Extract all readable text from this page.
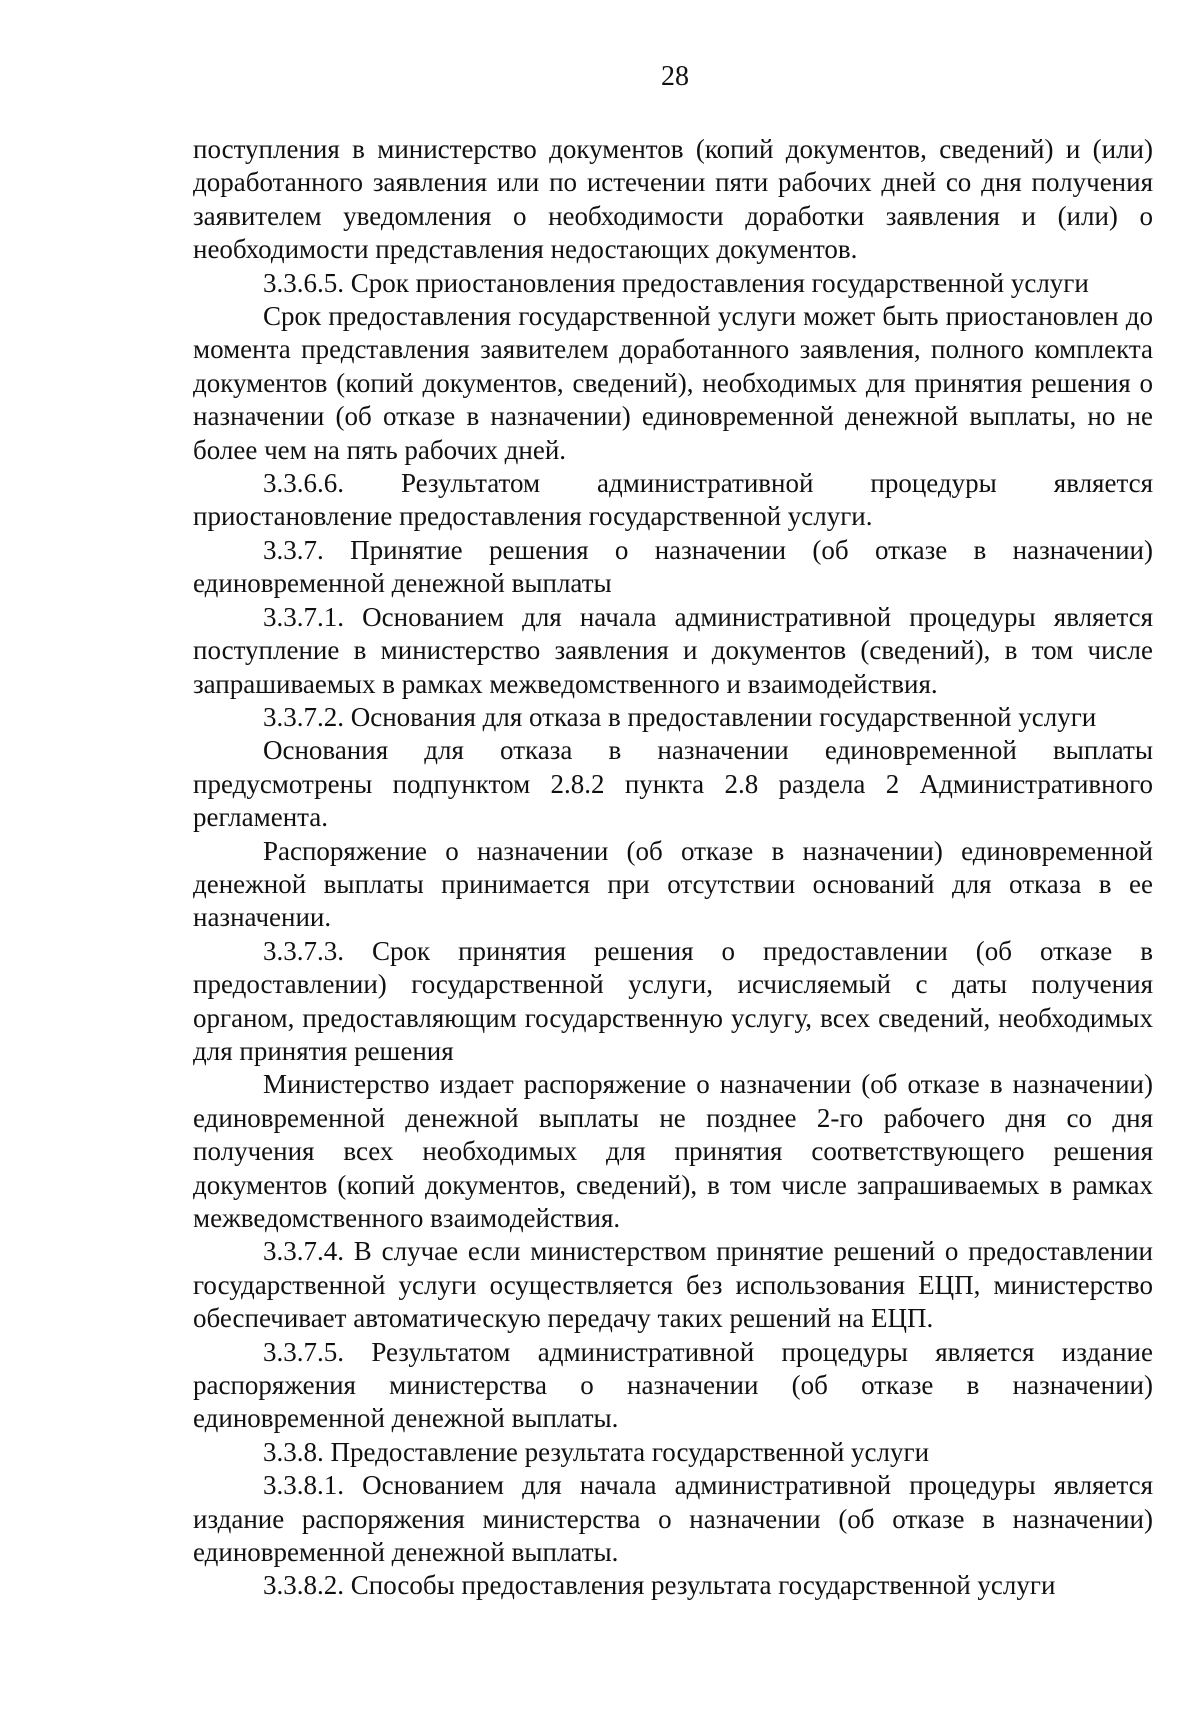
28

поступления в министерство документов (копий документов, сведений) и (или) доработанного заявления или по истечении пяти рабочих дней со дня получения заявителем уведомления о необходимости доработки заявления и (или) о необходимости представления недостающих документов.

3.3.6.5. Срок приостановления предоставления государственной услуги

Срок предоставления государственной услуги может быть приостановлен до момента представления заявителем доработанного заявления, полного комплекта документов (копий документов, сведений), необходимых для принятия решения о назначении (об отказе в назначении) единовременной денежной выплаты, но не более чем на пять рабочих дней.

3.3.6.6. Результатом административной процедуры является приостановление предоставления государственной услуги.

3.3.7. Принятие решения о назначении (об отказе в назначении) единовременной денежной выплаты

3.3.7.1. Основанием для начала административной процедуры является поступление в министерство заявления и документов (сведений), в том числе запрашиваемых в рамках межведомственного и взаимодействия.

3.3.7.2. Основания для отказа в предоставлении государственной услуги

Основания для отказа в назначении единовременной выплаты предусмотрены подпунктом 2.8.2 пункта 2.8 раздела 2 Административного регламента.

Распоряжение о назначении (об отказе в назначении) единовременной денежной выплаты принимается при отсутствии оснований для отказа в ее назначении.

3.3.7.3. Срок принятия решения о предоставлении (об отказе в предоставлении) государственной услуги, исчисляемый с даты получения органом, предоставляющим государственную услугу, всех сведений, необходимых для принятия решения

Министерство издает распоряжение о назначении (об отказе в назначении) единовременной денежной выплаты не позднее 2-го рабочего дня со дня получения всех необходимых для принятия соответствующего решения документов (копий документов, сведений), в том числе запрашиваемых в рамках межведомственного взаимодействия.

3.3.7.4. В случае если министерством принятие решений о предоставлении государственной услуги осуществляется без использования ЕЦП, министерство обеспечивает автоматическую передачу таких решений на ЕЦП.

3.3.7.5. Результатом административной процедуры является издание распоряжения министерства о назначении (об отказе в назначении) единовременной денежной выплаты.

3.3.8. Предоставление результата государственной услуги

3.3.8.1. Основанием для начала административной процедуры является издание распоряжения министерства о назначении (об отказе в назначении) единовременной денежной выплаты.

3.3.8.2. Способы предоставления результата государственной услуги
